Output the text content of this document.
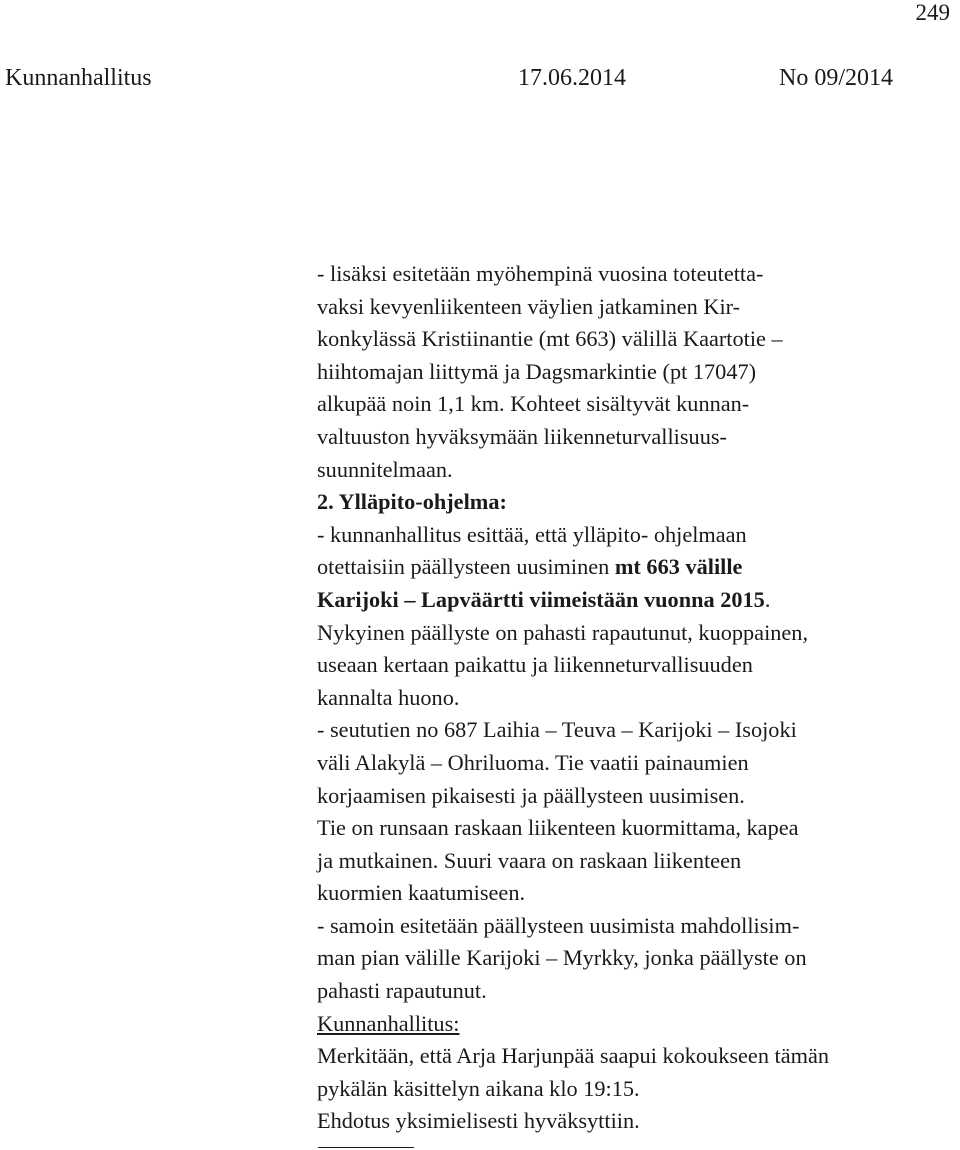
249
Kunnanhallitus	17.06.2014	No 09/2014
- lisäksi esitetään myöhempinä vuosina toteutetta-
vaksi kevyenliikenteen väylien jatkaminen Kir-
konkylässä Kristiinantie (mt 663) välillä Kaartotie –
hiihtomajan liittymä ja Dagsmarkintie (pt 17047)
alkupää noin 1,1 km. Kohteet sisältyvät kunnan-
valtuuston hyväksymään liikenneturvallisuus-
suunnitelmaan.
2. Ylläpito-ohjelma:
- kunnanhallitus esittää, että ylläpito- ohjelmaan
otettaisiin päällysteen uusiminen mt 663 välille
Karijoki – Lapväärtti viimeistään vuonna 2015.
Nykyinen päällyste on pahasti rapautunut, kuoppainen,
useaan kertaan paikattu ja liikenneturvallisuuden
kannalta huono.
- seututien no 687 Laihia – Teuva – Karijoki – Isojoki
väli Alakylä – Ohriluoma. Tie vaatii painaumien
korjaamisen pikaisesti ja päällysteen uusimisen.
Tie on runsaan raskaan liikenteen kuormittama, kapea
ja mutkainen. Suuri vaara on raskaan liikenteen
kuormien kaatumiseen.
- samoin esitetään päällysteen uusimista mahdollisim-
man pian välille Karijoki – Myrkky, jonka päällyste on
pahasti rapautunut.
Kunnanhallitus:
Merkitään, että Arja Harjunpää saapui kokoukseen tämän
pykälän käsittelyn aikana klo 19:15.
Ehdotus yksimielisesti hyväksyttiin.
